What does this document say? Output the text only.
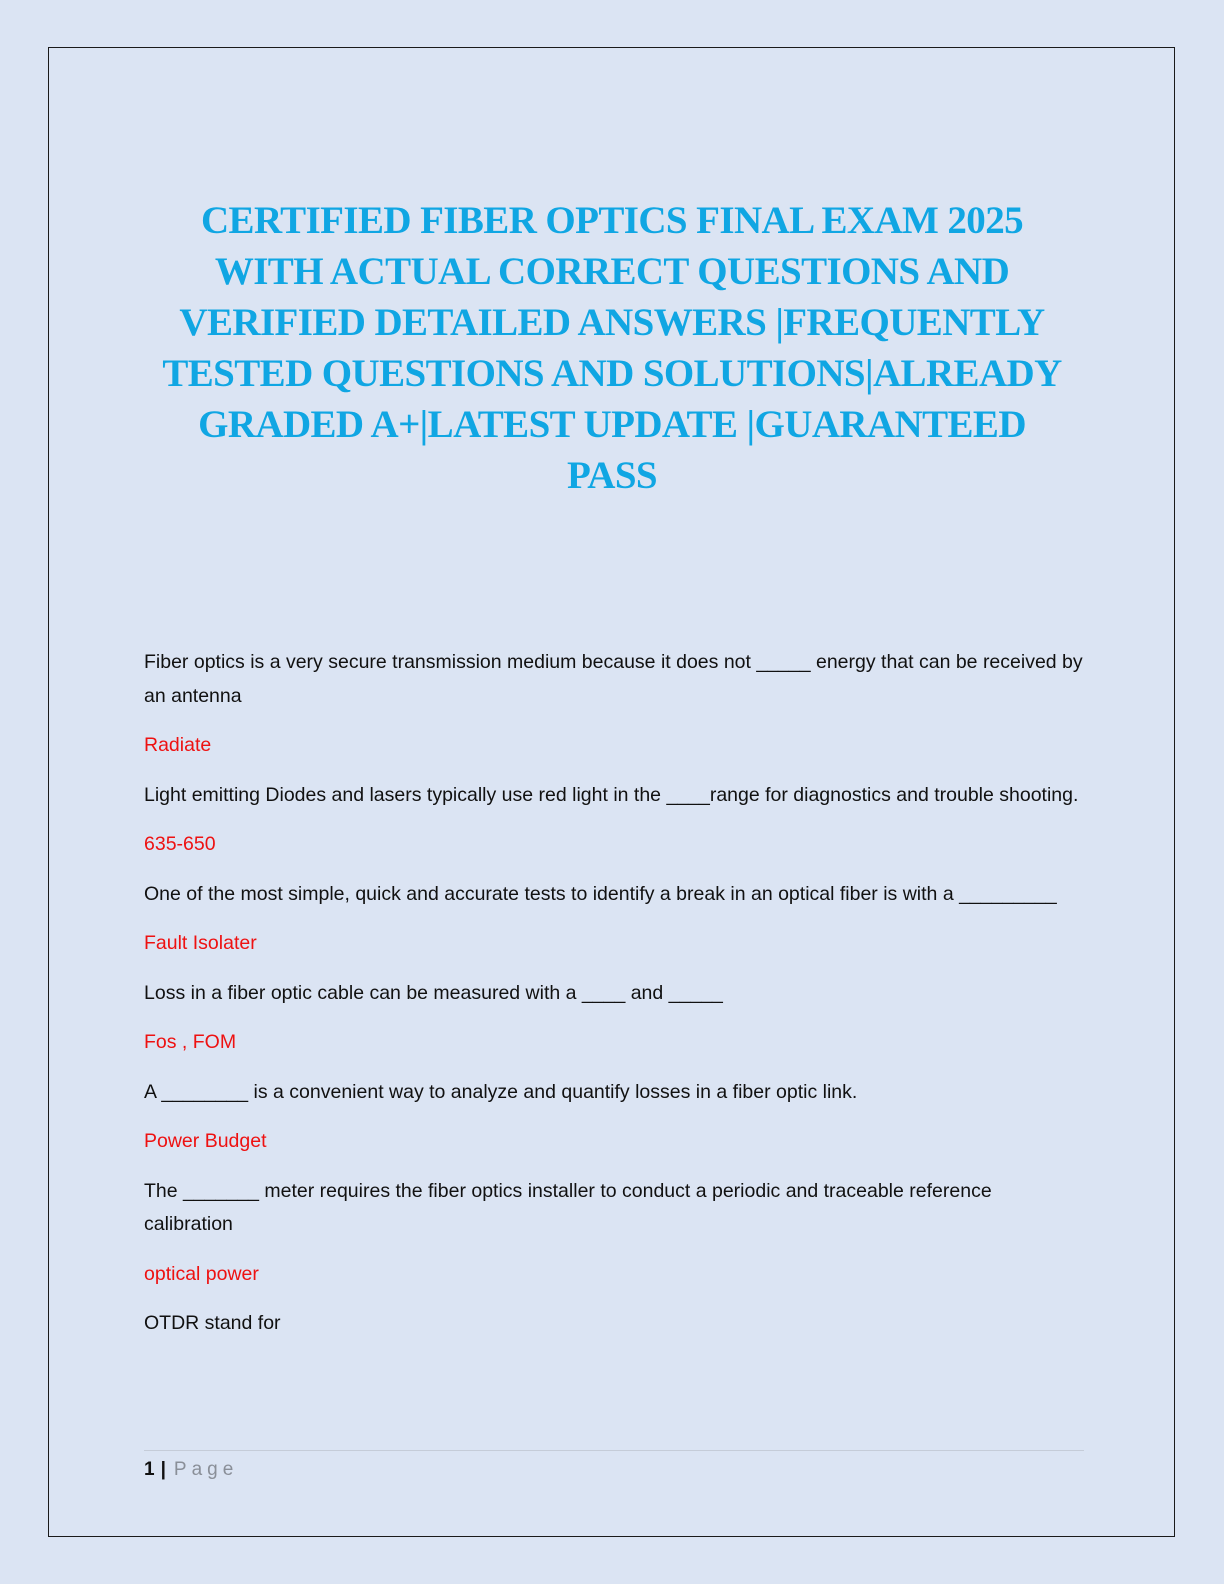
CERTIFIED FIBER OPTICS FINAL EXAM 2025 WITH ACTUAL CORRECT QUESTIONS AND VERIFIED DETAILED ANSWERS |FREQUENTLY TESTED QUESTIONS AND SOLUTIONS|ALREADY GRADED A+|LATEST UPDATE |GUARANTEED PASS

Fiber optics is a very secure transmission medium because it does not _____ energy that can be received by an antenna

Radiate

Light emitting Diodes and lasers typically use red light in the ____range for diagnostics and trouble shooting.

635-650

One of the most simple, quick and accurate tests to identify a break in an optical fiber is with a _________

Fault Isolater

Loss in a fiber optic cable can be measured with a ____ and _____

Fos , FOM

A ________ is a convenient way to analyze and quantify losses in a fiber optic link.

Power Budget

The _______ meter requires the fiber optics installer to conduct a periodic and traceable reference calibration

optical power

OTDR stand for

1 | Page
